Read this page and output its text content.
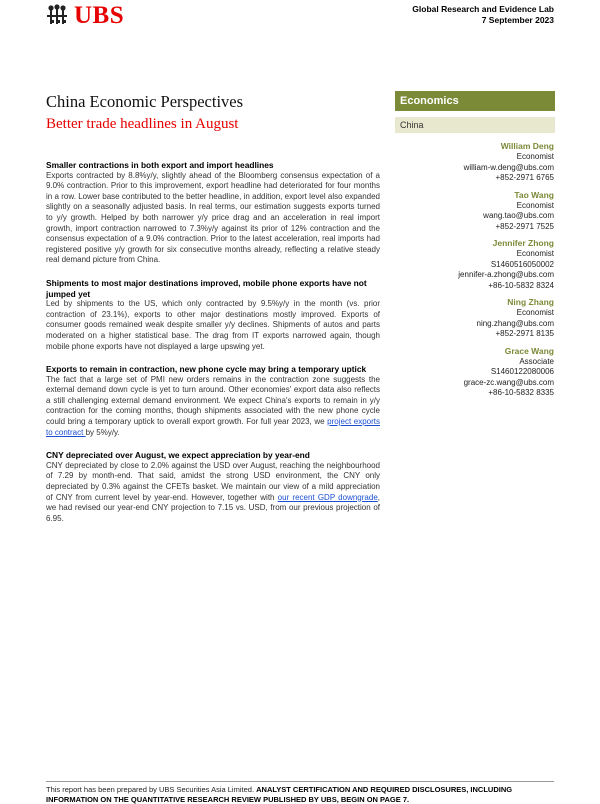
UBS	Global Research and Evidence Lab
7 September 2023
China Economic Perspectives
Better trade headlines in August
Economics
China
William Deng
Economist
william-w.deng@ubs.com
+852-2971 6765
Tao Wang
Economist
wang.tao@ubs.com
+852-2971 7525
Jennifer Zhong
Economist
S1460516050002
jennifer-a.zhong@ubs.com
+86-10-5832 8324
Ning Zhang
Economist
ning.zhang@ubs.com
+852-2971 8135
Grace Wang
Associate
S1460122080006
grace-zc.wang@ubs.com
+86-10-5832 8335
Smaller contractions in both export and import headlines

Exports contracted by 8.8%y/y, slightly ahead of the Bloomberg consensus expectation of a 9.0% contraction. Prior to this improvement, export headline had deteriorated for four months in a row. Lower base contributed to the better headline, in addition, export level also expanded slightly on a seasonally adjusted basis. In real terms, our estimation suggests exports turned to y/y growth. Helped by both narrower y/y price drag and an acceleration in real import growth, import contraction narrowed to 7.3%y/y against its prior of 12% contraction and the consensus expectation of a 9.0% contraction. Prior to the latest acceleration, real imports had registered positive y/y growth for six consecutive months already, reflecting a relative steady real demand picture from China.

Shipments to most major destinations improved, mobile phone exports have not jumped yet

Led by shipments to the US, which only contracted by 9.5%y/y in the month (vs. prior contraction of 23.1%), exports to other major destinations mostly improved. Exports of consumer goods remained weak despite smaller y/y declines. Shipments of autos and parts moderated on a higher statistical base. The drag from IT exports narrowed again, though mobile phone exports have not displayed a large upswing yet.

Exports to remain in contraction, new phone cycle may bring a temporary uptick

The fact that a large set of PMI new orders remains in the contraction zone suggests the external demand down cycle is yet to turn around. Other economies' export data also reflects a still challenging external demand environment. We expect China's exports to remain in y/y contraction for the coming months, though shipments associated with the new phone cycle could bring a temporary uptick to overall export growth. For full year 2023, we project exports to contract by 5%y/y.

CNY depreciated over August, we expect appreciation by year-end

CNY depreciated by close to 2.0% against the USD over August, reaching the neighbourhood of 7.29 by month-end. That said, amidst the strong USD environment, the CNY only depreciated by 0.3% against the CFETs basket. We maintain our view of a mild appreciation of CNY from current level by year-end. However, together with our recent GDP downgrade, we had revised our year-end CNY projection to 7.15 vs. USD, from our previous projection of 6.95.

This report has been prepared by UBS Securities Asia Limited. ANALYST CERTIFICATION AND REQUIRED DISCLOSURES, INCLUDING INFORMATION ON THE QUANTITATIVE RESEARCH REVIEW PUBLISHED BY UBS, BEGIN ON PAGE 7.
